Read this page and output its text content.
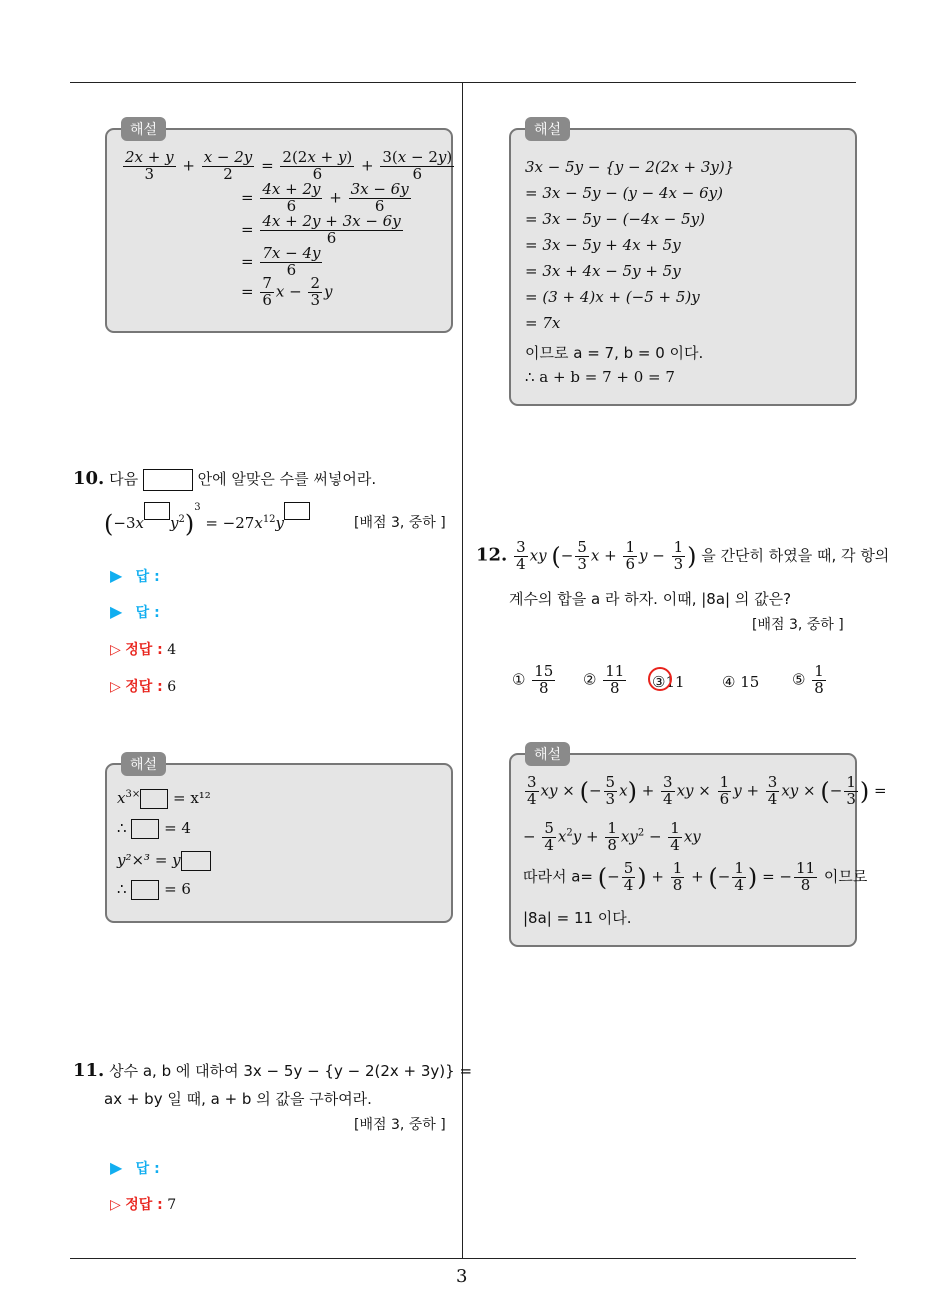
3
해설
$\frac{2x + y}{3} + \frac{x - 2y}{2} = \frac{2(2x + y)}{6} + \frac{3(x - 2y)}{6}$
= $\frac{4x + 2y}{6} + \frac{3x - 6y}{6}$
= $\frac{4x + 2y + 3x - 6y}{6}$
= $\frac{7x - 4y}{6}$
= $\frac{7}{6}$ $x - \frac{2}{3}$ y
10. 다음	안에 알맞은 수를 써넣어라.
(−3x $y^2)^3 = -27x^{12}y$	[배점 3, 중하 ]
▶ 답 :
▶ 답 :
▷ 정답 : 4
▷ 정답 : 6
해설
$x^{3\times} = x^{12}$
∴  = 4
y²×³ = y
∴  = 6
11. 상수 a, b 에 대하여 3x − 5y − {y − 2(2x + 3y)} =
ax + by 일 때, a + b 의 값을 구하여라.
[배점 3, 중하 ]
▶ 답 :
▷ 정답 : 7
해설
3x − 5y − {y − 2(2x + 3y)}
= 3x − 5y − (y − 4x − 6y)
= 3x − 5y − (−4x − 5y)
= 3x − 5y + 4x + 5y
= 3x + 4x − 5y + 5y
= (3 + 4)x + (−5 + 5)y
= 7x
이므로 a = 7, b = 0 이다.
∴ a + b = 7 + 0 = 7
12. $\frac{3}{4}$ xy (− $\frac{5}{3}$ $x + \frac{1}{6}$ $y - \frac{1}{3}$ ) 을 간단히 하였을 때, 각 항의
계수의 합을 a 라 하자. 이때, |8a| 의 값은?
[배점 3, 중하 ]
① $\frac{15}{8}$ ② $\frac{11}{8}$ ③11 ④ 15 ⑤ $\frac{1}{8}$
해설
$\frac{3}{4}$ xy × (− $\frac{5}{3} x) + \frac{3}{4}$ xy × $\frac{1}{6}$ $y + \frac{3}{4}$ xy × (− $\frac{1}{3}$ ) =
− $\frac{5}{4} x^2y + \frac{1}{8} xy^2 - \frac{1}{4}$ xy
따라서 a= (− $\frac{5}{4}$ ) + $\frac{1}{8}$ + (− $\frac{1}{4}$ ) = − $\frac{11}{8}$ 이므로
|8a| = 11 이다.
